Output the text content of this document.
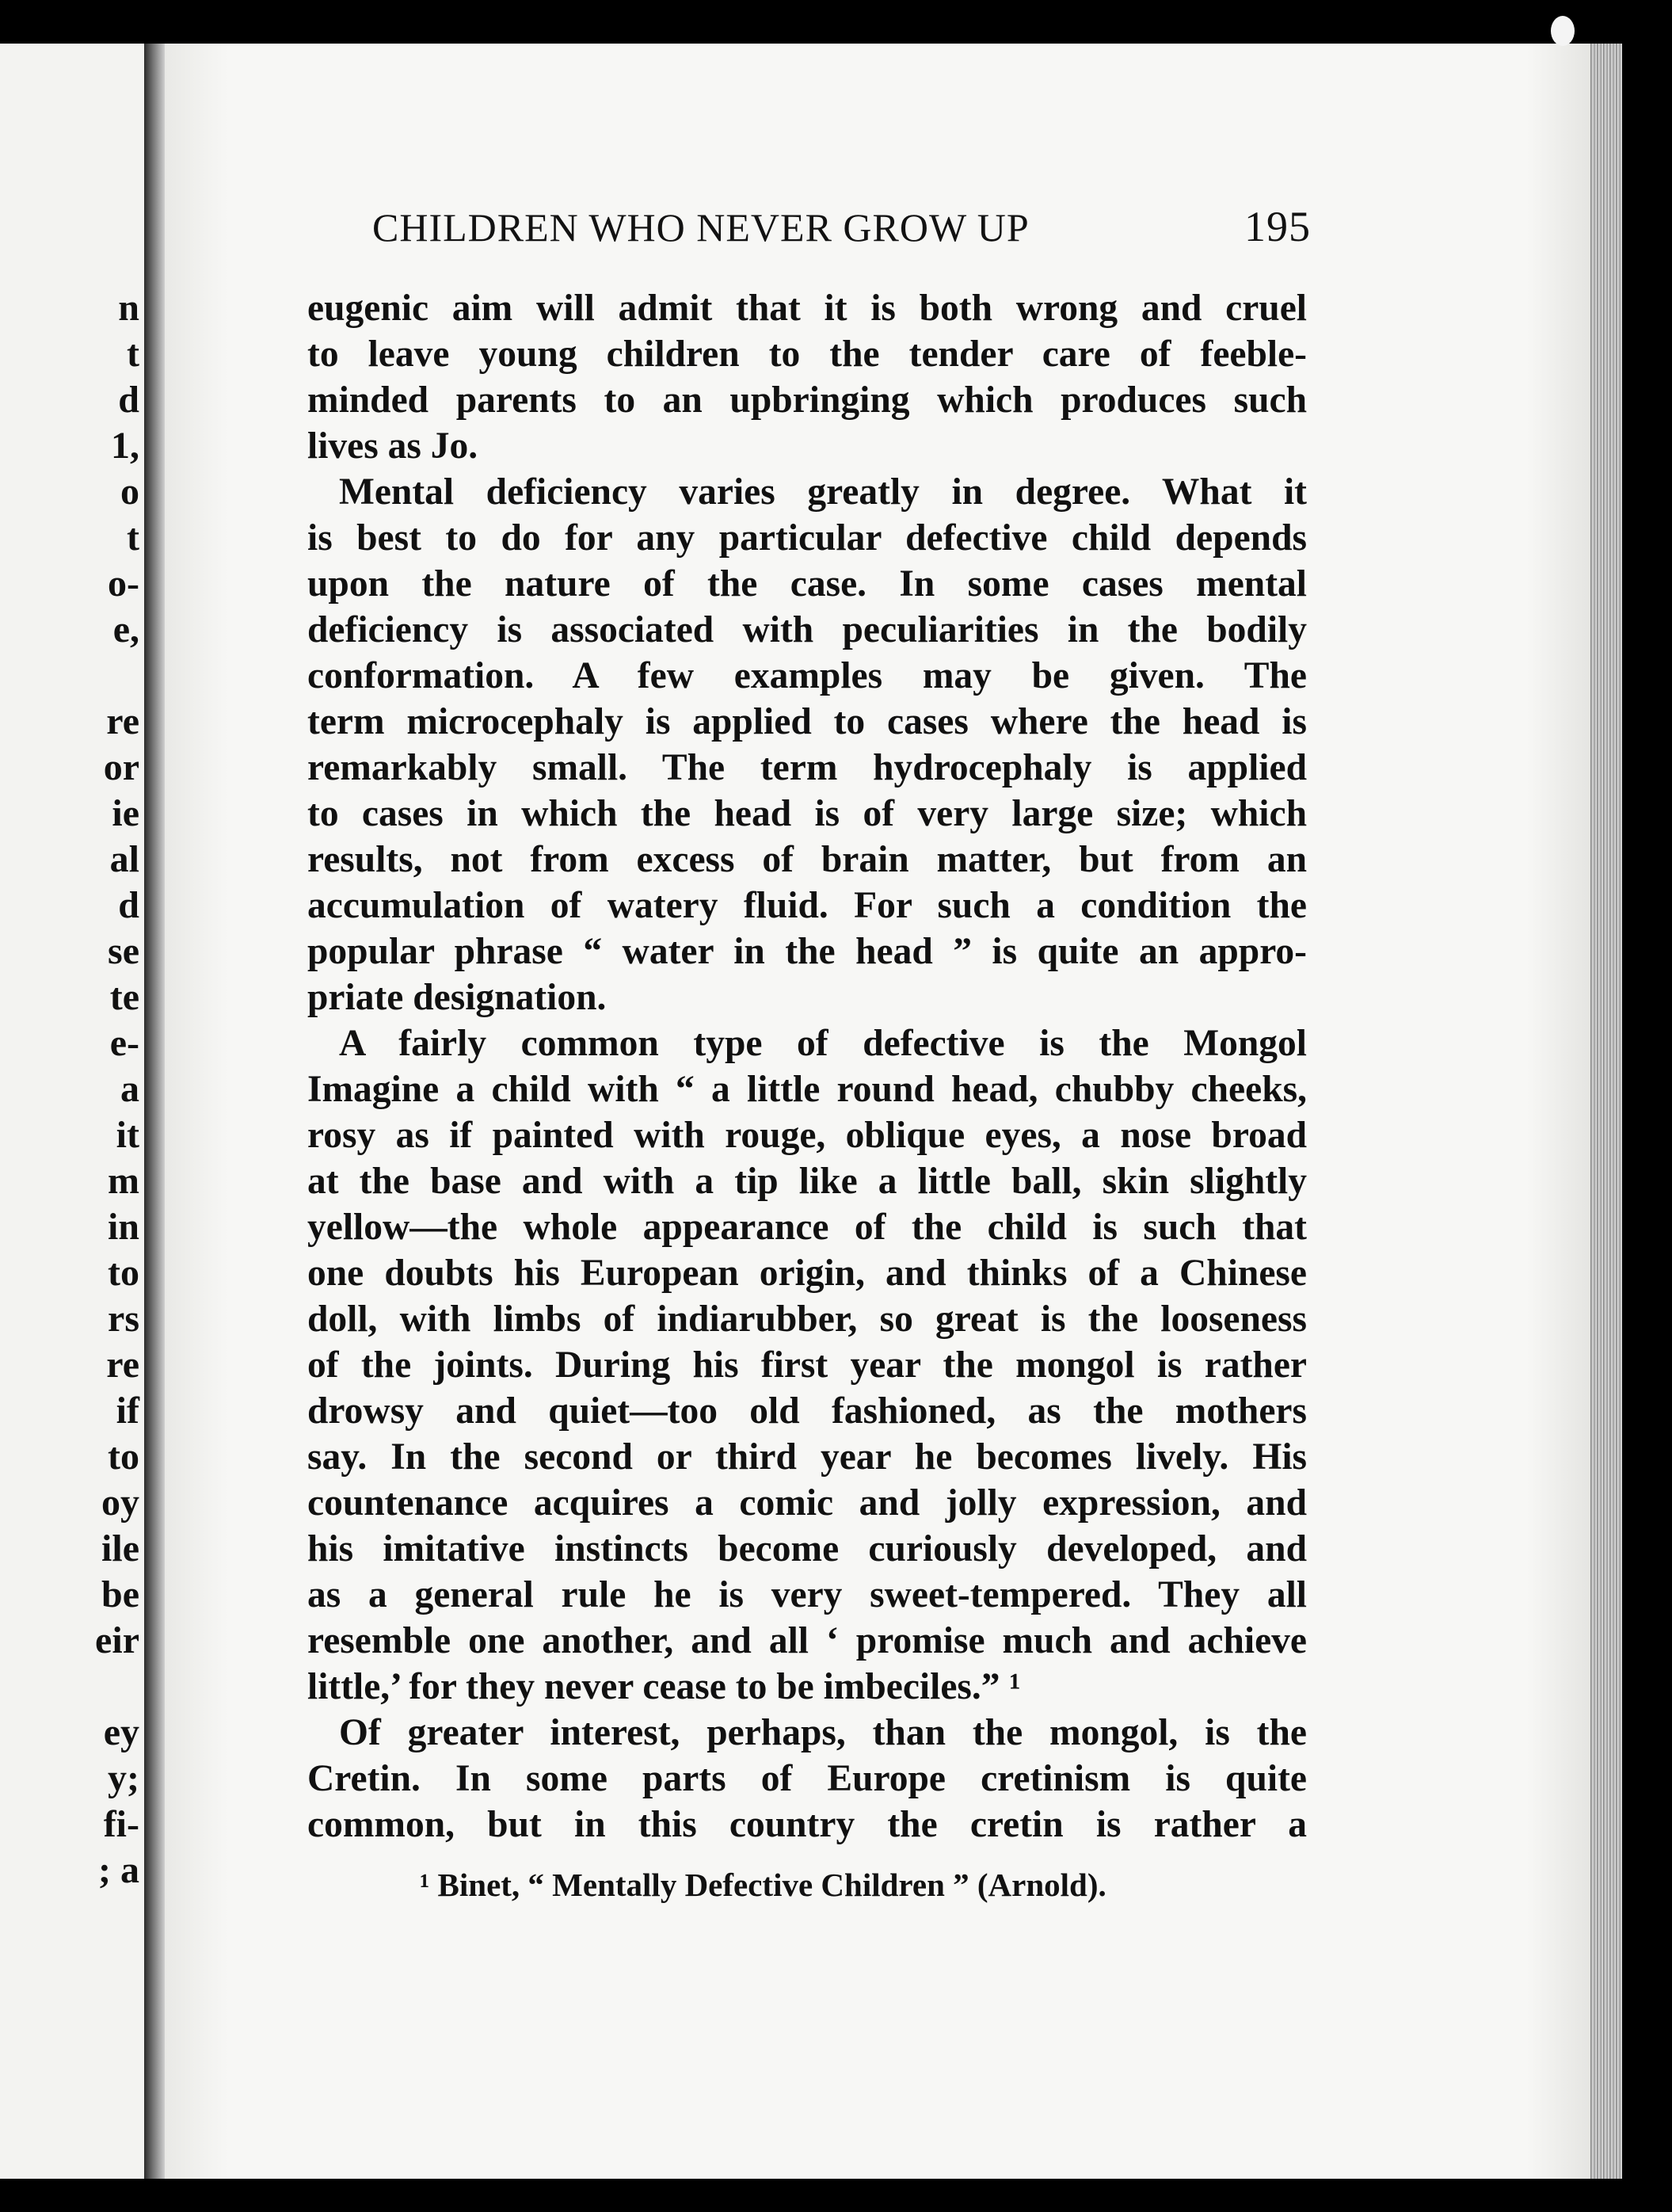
n
t
d
1,
o
t
o-
e,
re
or
ie
al
d
se
te
e-
a
it
m
in
to
rs
re
if
to
oy
ile
be
eir
ey
y;
fi-
; a
CHILDREN WHO NEVER GROW UP	195
eugenic aim will admit that it is both wrong and cruel
to leave young children to the tender care of feeble-
minded parents to an upbringing which produces such
lives as Jo.
Mental deficiency varies greatly in degree. What it
is best to do for any particular defective child depends
upon the nature of the case. In some cases mental
deficiency is associated with peculiarities in the bodily
conformation. A few examples may be given. The
term microcephaly is applied to cases where the head is
remarkably small. The term hydrocephaly is applied
to cases in which the head is of very large size; which
results, not from excess of brain matter, but from an
accumulation of watery fluid. For such a condition the
popular phrase “ water in the head ” is quite an appro-
priate designation.
A fairly common type of defective is the Mongol
Imagine a child with “ a little round head, chubby cheeks,
rosy as if painted with rouge, oblique eyes, a nose broad
at the base and with a tip like a little ball, skin slightly
yellow—the whole appearance of the child is such that
one doubts his European origin, and thinks of a Chinese
doll, with limbs of indiarubber, so great is the looseness
of the joints. During his first year the mongol is rather
drowsy and quiet—too old fashioned, as the mothers
say. In the second or third year he becomes lively. His
countenance acquires a comic and jolly expression, and
his imitative instincts become curiously developed, and
as a general rule he is very sweet-tempered. They all
resemble one another, and all ‘ promise much and achieve
little,’ for they never cease to be imbeciles.” ¹
Of greater interest, perhaps, than the mongol, is the
Cretin. In some parts of Europe cretinism is quite
common, but in this country the cretin is rather a
¹ Binet, “ Mentally Defective Children ” (Arnold).
